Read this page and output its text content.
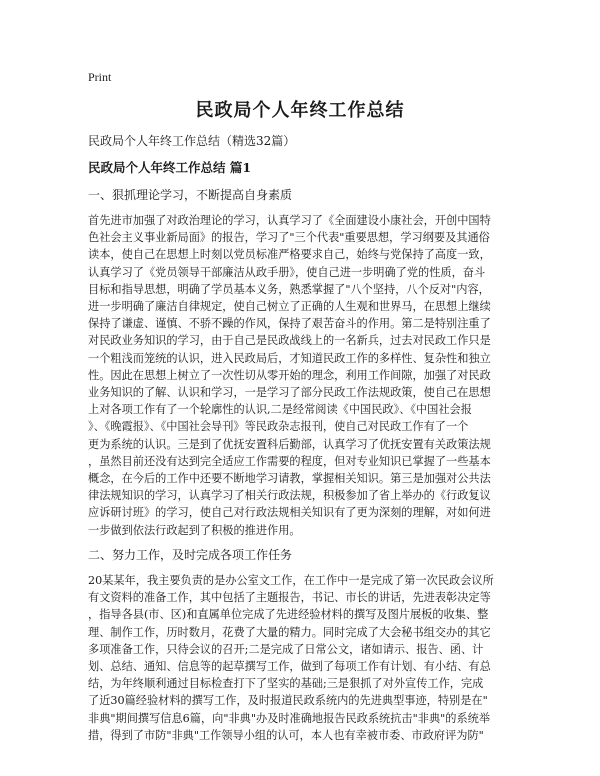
Print
民政局个人年终工作总结
民政局个人年终工作总结（精选32篇）
民政局个人年终工作总结 篇1
一、狠抓理论学习，不断提高自身素质
首先进市加强了对政治理论的学习，认真学习了《全面建设小康社会，开创中国特
色社会主义事业新局面》的报告，学习了"三个代表"重要思想，学习纲要及其通俗
读本，使自己在思想上时刻以党员标准严格要求自己，始终与党保持了高度一致，
认真学习了《党员领导干部廉洁从政手册》，使自己进一步明确了党的性质，奋斗
目标和指导思想，明确了学员基本义务，熟悉掌握了"八个坚持，八个反对"内容，
进一步明确了廉洁自律规定，使自己树立了正确的人生观和世界马，在思想上继续
保持了谦虚、谨慎、不骄不躁的作风，保持了艰苦奋斗的作用。第二是特别注重了
对民政业务知识的学习，由于自己是民政战线上的一名新兵，过去对民政工作只是
一个粗浅而笼统的认识，进入民政局后，才知道民政工作的多样性、复杂性和独立
性。因此在思想上树立了一次性切从零开始的理念，利用工作间隙，加强了对民政
业务知识的了解、认识和学习，一是学习了部分民政工作法规政策，使自己在思想
上对各项工作有了一个轮廓性的认识,二是经常阅读《中国民政》、《中国社会报
》、《晚霞报》、《中国社会导刊》等民政杂志报刊，使自己对民政工作有了一个
更为系统的认识。三是到了优抚安置科后勤部，认真学习了优抚安置有关政策法规
，虽然目前还没有达到完全适应工作需要的程度，但对专业知识已掌握了一些基本
概念，在今后的工作中还要不断地学习请教，掌握相关知识。第三是加强对公共法
律法规知识的学习，认真学习了相关行政法规，积极参加了省上举办的《行政复议
应诉研讨班》的学习，使自己对行政法规相关知识有了更为深刻的理解，对如何进
一步做到依法行政起到了积极的推进作用。
二、努力工作，及时完成各项工作任务
20某某年，我主要负责的是办公室文工作，在工作中一是完成了第一次民政会议所
有文资料的准备工作，其中包括了主题报告，书记、市长的讲话，先进表彰决定等
，指导各县(市、区)和直属单位完成了先进经验材料的撰写及图片展板的收集、整
理、制作工作，历时数月，花费了大量的精力。同时完成了大会秘书组交办的其它
多项准备工作，只待会议的召开;二是完成了日常公文，诸如请示、报告、函、计
划、总结、通知、信息等的起草撰写工作，做到了每项工作有计划、有小结、有总
结，为年终顺利通过目标检查打下了坚实的基础;三是狠抓了对外宣传工作，完成
了近30篇经验材料的撰写工作，及时报道民政系统内的先进典型事迹，特别是在"
非典"期间撰写信息6篇，向"非典"办及时准确地报告民政系统抗击"非典"的系统举
措，得到了市防"非典"工作领导小组的认可，本人也有幸被市委、市政府评为防"
